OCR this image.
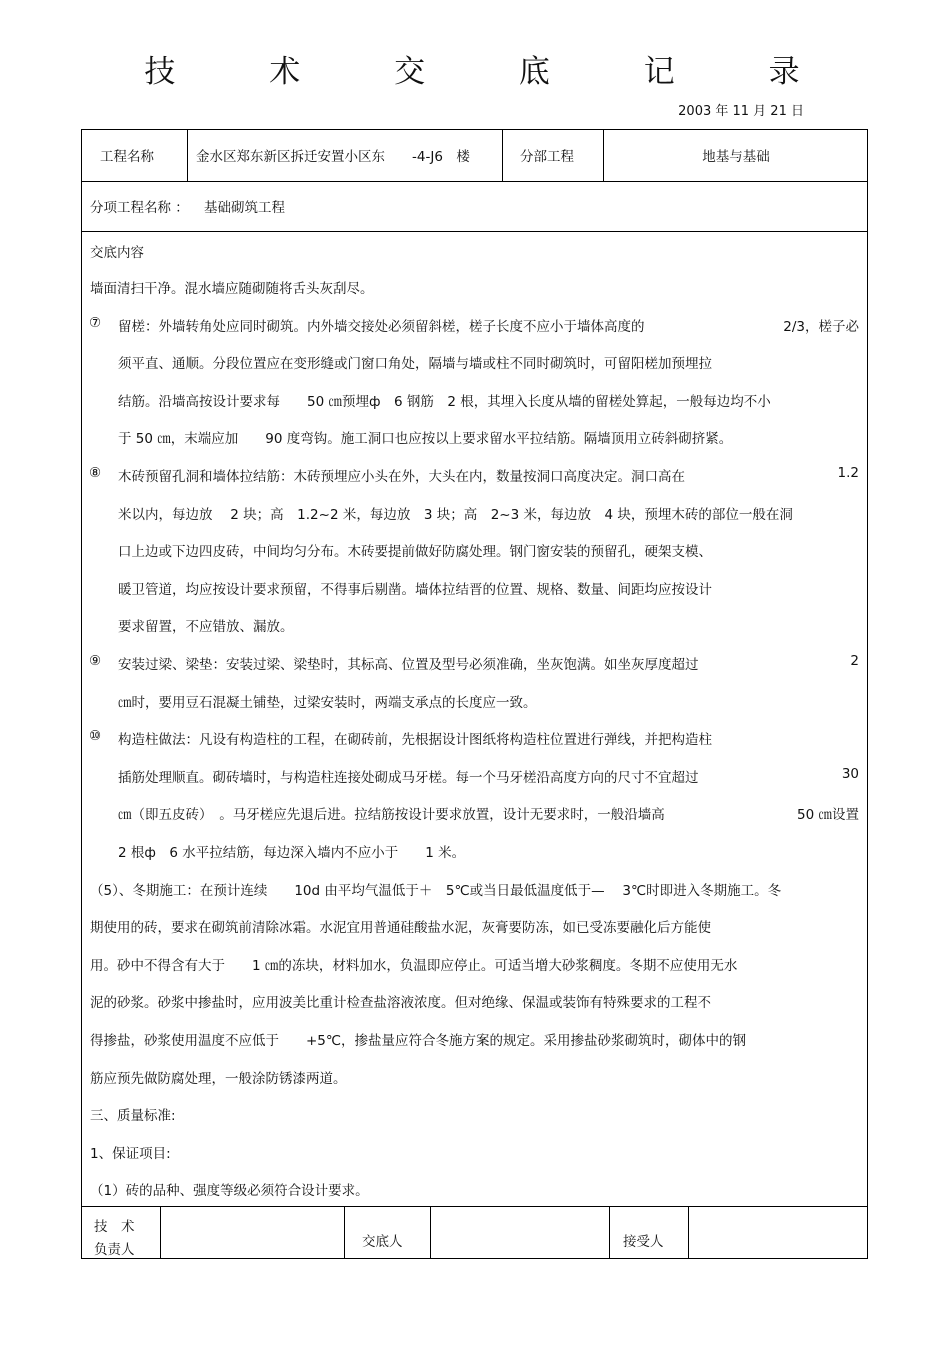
技 术 交 底 记 录
2003 年 11 月 21 日
工程名称	金水区郑东新区拆迁安置小区东　　-4-J6　楼	分部工程	地基与基础
分项工程名称 ： 基础砌筑工程
交底内容
墙面清扫干净。混水墙应随砌随将舌头灰刮尽。
⑦ 留槎：外墙转角处应同时砌筑。内外墙交接处必须留斜槎，槎子长度不应小于墙体高度的	2/3，槎子必
须平直、通顺。分段位置应在变形缝或门窗口角处，隔墙与墙或柱不同时砌筑时，可留阳槎加预埋拉
结筋。沿墙高按设计要求每　　50 ㎝预埋ф　6 钢筋　2 根，其埋入长度从墙的留槎处算起，一般每边均不小
于 50 ㎝，末端应加　　90 度弯钩。施工洞口也应按以上要求留水平拉结筋。隔墙顶用立砖斜砌挤紧。
⑧ 木砖预留孔洞和墙体拉结筋：木砖预埋应小头在外，大头在内，数量按洞口高度决定。洞口高在	1.2
米以内，每边放　 2 块；高　1.2~2 米，每边放　3 块；高　2~3 米，每边放　4 块，预埋木砖的部位一般在洞
口上边或下边四皮砖，中间均匀分布。木砖要提前做好防腐处理。钢门窗安装的预留孔，硬架支模、
暖卫管道，均应按设计要求预留，不得事后剔凿。墙体拉结晋的位置、规格、数量、间距均应按设计
要求留置，不应错放、漏放。
⑨ 安装过梁、梁垫：安装过梁、梁垫时，其标高、位置及型号必须准确，坐灰饱满。如坐灰厚度超过	2
㎝时，要用豆石混凝土铺垫，过梁安装时，两端支承点的长度应一致。
⑩ 构造柱做法：凡设有构造柱的工程，在砌砖前，先根据设计图纸将构造柱位置进行弹线，并把构造柱
插筋处理顺直。砌砖墙时，与构造柱连接处砌成马牙槎。每一个马牙槎沿高度方向的尺寸不宜超过	30
㎝（即五皮砖）　。马牙槎应先退后进。拉结筋按设计要求放置，设计无要求时，一般沿墙高	50 ㎝设置
2 根ф　6 水平拉结筋，每边深入墙内不应小于　　1 米。
（5）、冬期施工：在预计连续　　10d 由平均气温低于＋　5℃或当日最低温度低于—　 3℃时即进入冬期施工。冬
期使用的砖，要求在砌筑前清除冰霜。水泥宜用普通硅酸盐水泥，灰膏要防冻，如已受冻要融化后方能使
用。砂中不得含有大于　　1 ㎝的冻块，材料加水，负温即应停止。可适当增大砂浆稠度。冬期不应使用无水
泥的砂浆。砂浆中掺盐时，应用波美比重计检查盐溶液浓度。但对绝缘、保温或装饰有特殊要求的工程不
得掺盐，砂浆使用温度不应低于　　+5℃，掺盐量应符合冬施方案的规定。采用掺盐砂浆砌筑时，砌体中的钢
筋应预先做防腐处理，一般涂防锈漆两道。
三、质量标准:
1、保证项目:
（1）砖的品种、强度等级必须符合设计要求。
技　术
负责人	交底人	接受人
